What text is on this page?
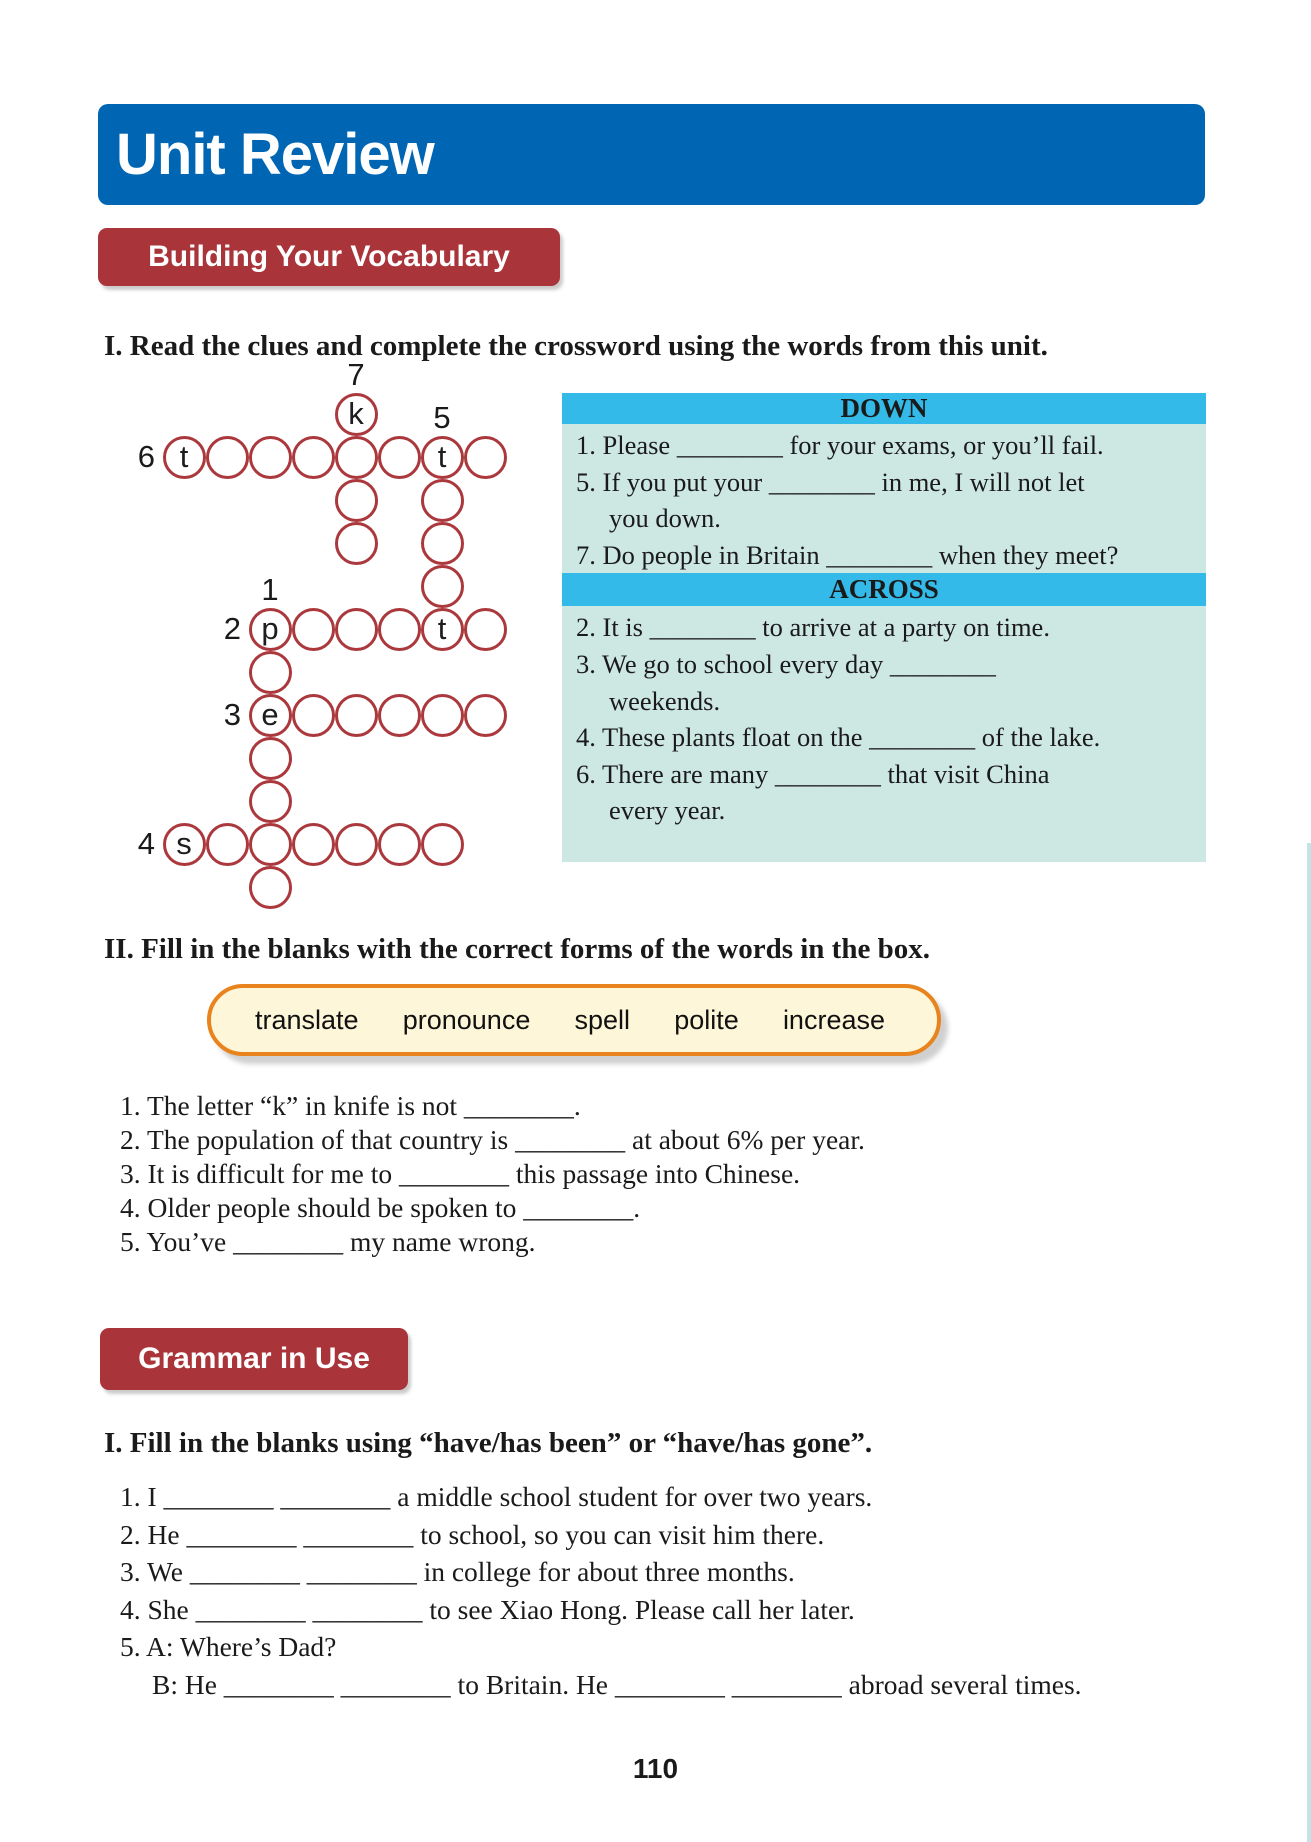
Unit Review
Building Your Vocabulary
I. Read the clues and complete the crossword using the words from this unit.
k
t	t
p	t
e
s
7
5
6
1
2
3
4
DOWN
1. Please ________ for your exams, or you’ll fail.
5. If you put your ________ in me, I will not let
you down.
7. Do people in Britain ________ when they meet?
ACROSS
2. It is ________ to arrive at a party on time.
3. We go to school every day ________
weekends.
4. These plants float on the ________ of the lake.
6. There are many ________ that visit China
every year.
II. Fill in the blanks with the correct forms of the words in the box.
translate pronounce spell polite increase
1. The letter “k” in knife is not ________.
2. The population of that country is ________ at about 6% per year.
3. It is difficult for me to ________ this passage into Chinese.
4. Older people should be spoken to ________.
5. You’ve ________ my name wrong.
Grammar in Use
I. Fill in the blanks using “have/has been” or “have/has gone”.
1. I ________ ________ a middle school student for over two years.
2. He ________ ________ to school, so you can visit him there.
3. We ________ ________ in college for about three months.
4. She ________ ________ to see Xiao Hong. Please call her later.
5. A: Where’s Dad?
B: He ________ ________ to Britain. He ________ ________ abroad several times.
110
